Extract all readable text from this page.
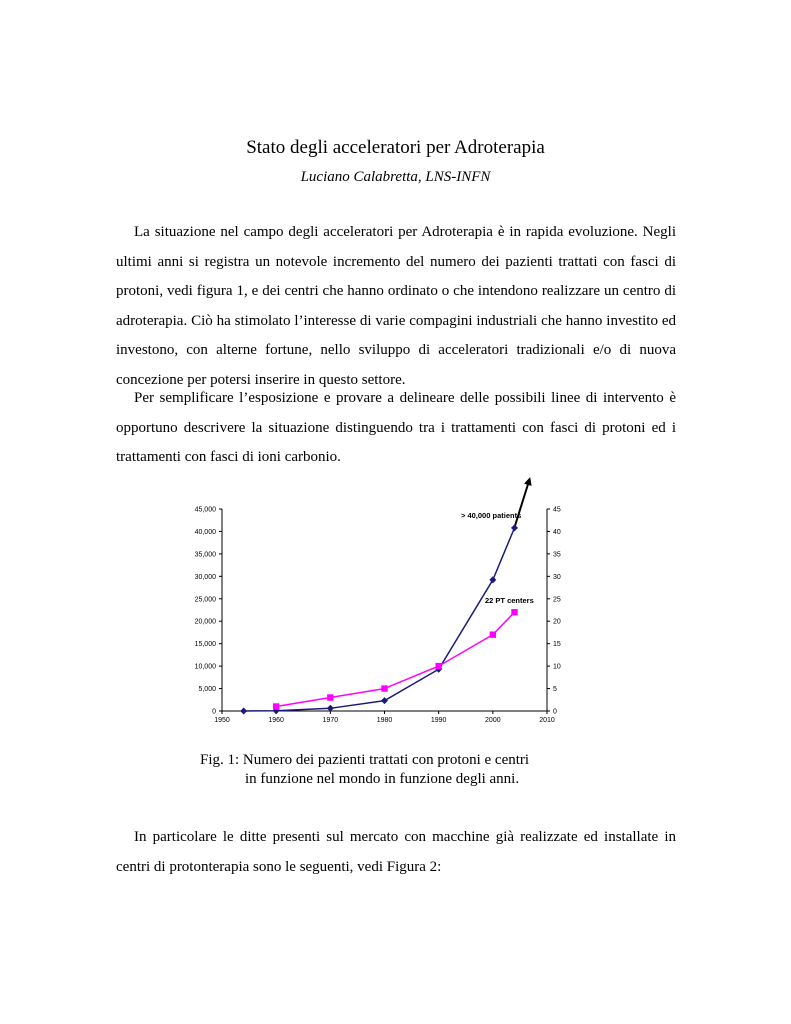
Stato degli acceleratori per Adroterapia
Luciano Calabretta, LNS-INFN

La situazione nel campo degli acceleratori per Adroterapia è in rapida evoluzione. Negli ultimi anni si registra un notevole incremento del numero dei pazienti trattati con fasci di protoni, vedi figura 1, e dei centri che hanno ordinato o che intendono realizzare un centro di adroterapia. Ciò ha stimolato l’interesse di varie compagini industriali che hanno investito ed investono, con alterne fortune, nello sviluppo di acceleratori tradizionali e/o di nuova concezione per potersi inserire in questo settore.

Per semplificare l’esposizione e provare a delineare delle possibili linee di intervento è opportuno descrivere la situazione distinguendo tra i trattamenti con fasci di protoni ed i trattamenti con fasci di ioni carbonio.

1950	1960	1970	1980	1990	2000	2010
0
5,000
10,000
15,000
20,000
25,000
30,000
35,000
40,000
45,000
0
5
10
15
20
25
30
35
40
45
> 40,000 patients
22 PT centers
Fig. 1: Numero dei pazienti trattati con protoni e centri
in funzione nel mondo in funzione degli anni.

In particolare le ditte presenti sul mercato con macchine già realizzate ed installate in centri di protonterapia sono le seguenti, vedi Figura 2:
